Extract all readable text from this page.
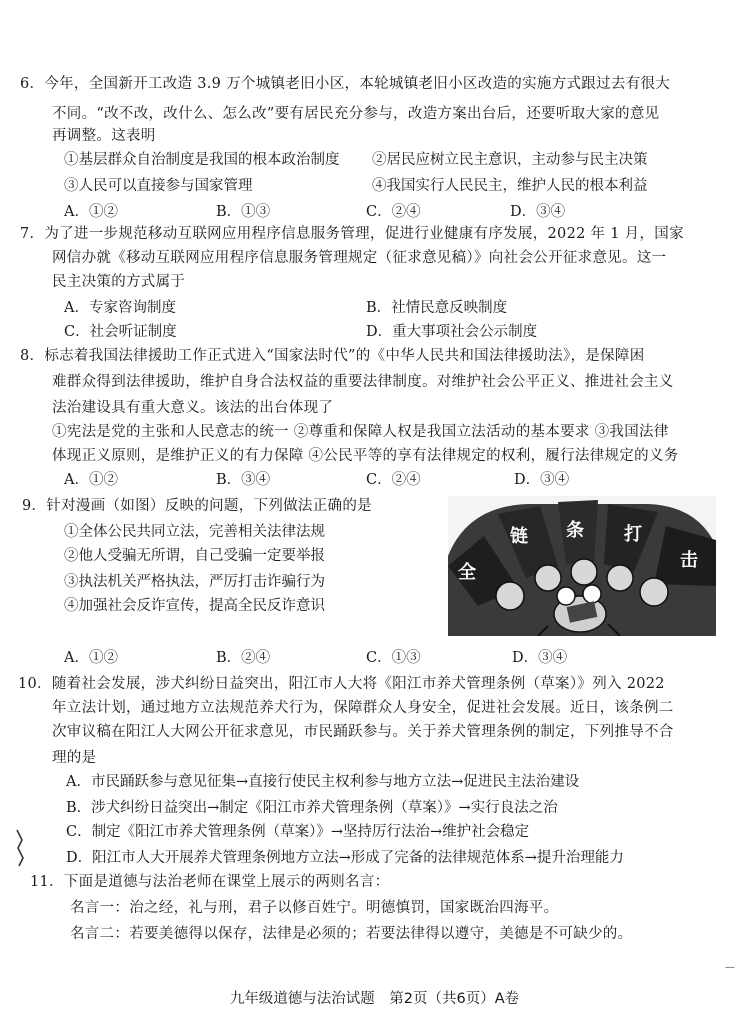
6．今年，全国新开工改造 3.9 万个城镇老旧小区，本轮城镇老旧小区改造的实施方式跟过去有很大
不同。“改不改，改什么、怎么改”要有居民充分参与，改造方案出台后，还要听取大家的意见
再调整。这表明
①基层群众自治制度是我国的根本政治制度 ②居民应树立民主意识，主动参与民主决策
③人民可以直接参与国家管理	④我国实行人民民主，维护人民的根本利益
A．①②	B．①③	C．②④	D．③④
7．为了进一步规范移动互联网应用程序信息服务管理，促进行业健康有序发展，2022 年 1 月，国家
网信办就《移动互联网应用程序信息服务管理规定（征求意见稿）》向社会公开征求意见。这一
民主决策的方式属于
A．专家咨询制度	B．社情民意反映制度
C．社会听证制度	D．重大事项社会公示制度
8．标志着我国法律援助工作正式进入“国家法时代”的《中华人民共和国法律援助法》，是保障困
难群众得到法律援助，维护自身合法权益的重要法律制度。对维护社会公平正义、推进社会主义
法治建设具有重大意义。该法的出台体现了
①宪法是党的主张和人民意志的统一 ②尊重和保障人权是我国立法活动的基本要求 ③我国法律
体现正义原则，是维护正义的有力保障 ④公民平等的享有法律规定的权利，履行法律规定的义务
A．①②	B．③④	C．②④	D．③④
9．针对漫画（如图）反映的问题，下列做法正确的是
①全体公民共同立法，完善相关法律法规
②他人受骗无所谓，自己受骗一定要举报
③执法机关严格执法，严厉打击诈骗行为
④加强社会反诈宣传，提高全民反诈意识
全
链 条 打
击
A．①②	B．②④	C．①③	D．③④
10．随着社会发展，涉犬纠纷日益突出，阳江市人大将《阳江市养犬管理条例（草案）》列入 2022
年立法计划，通过地方立法规范养犬行为，保障群众人身安全，促进社会发展。近日，该条例二
次审议稿在阳江人大网公开征求意见，市民踊跃参与。关于养犬管理条例的制定，下列推导不合
理的是
A．市民踊跃参与意见征集→直接行使民主权利参与地方立法→促进民主法治建设
B．涉犬纠纷日益突出→制定《阳江市养犬管理条例（草案）》→实行良法之治
C．制定《阳江市养犬管理条例（草案）》→坚持厉行法治→维护社会稳定
D．阳江市人大开展养犬管理条例地方立法→形成了完备的法律规范体系→提升治理能力
11．下面是道德与法治老师在课堂上展示的两则名言：
名言一：治之经，礼与刑，君子以修百姓宁。明德慎罚，国家既治四海平。
名言二：若要美德得以保存，法律是必须的；若要法律得以遵守，美德是不可缺少的。
—
九年级道德与法治试题　第2页（共6页）A卷
